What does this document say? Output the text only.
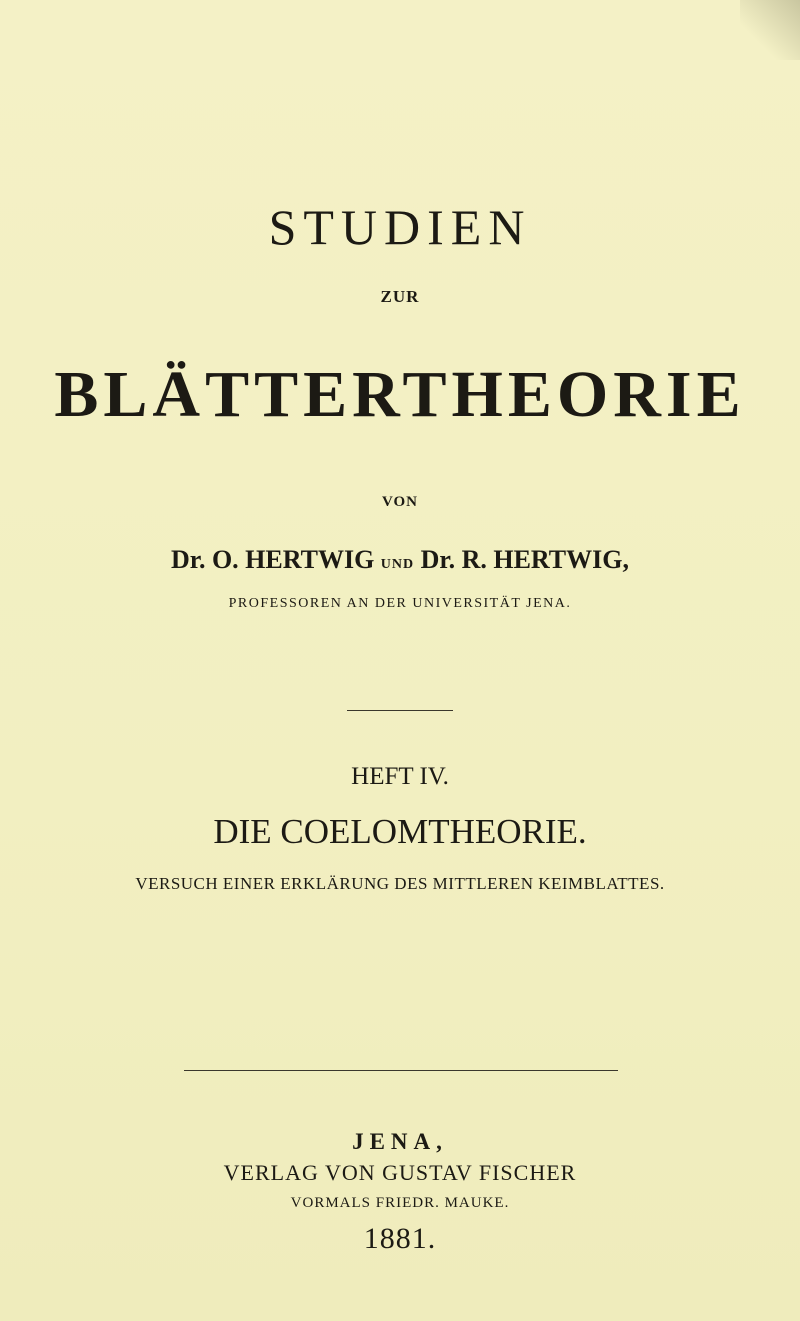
STUDIEN
ZUR
BLÄTTERTHEORIE
VON
Dr. O. HERTWIG UND Dr. R. HERTWIG,
PROFESSOREN AN DER UNIVERSITÄT JENA.
HEFT IV.
DIE COELOMTHEORIE.
VERSUCH EINER ERKLÄRUNG DES MITTLEREN KEIMBLATTES.
JENA,
VERLAG VON GUSTAV FISCHER
VORMALS FRIEDR. MAUKE.
1881.
